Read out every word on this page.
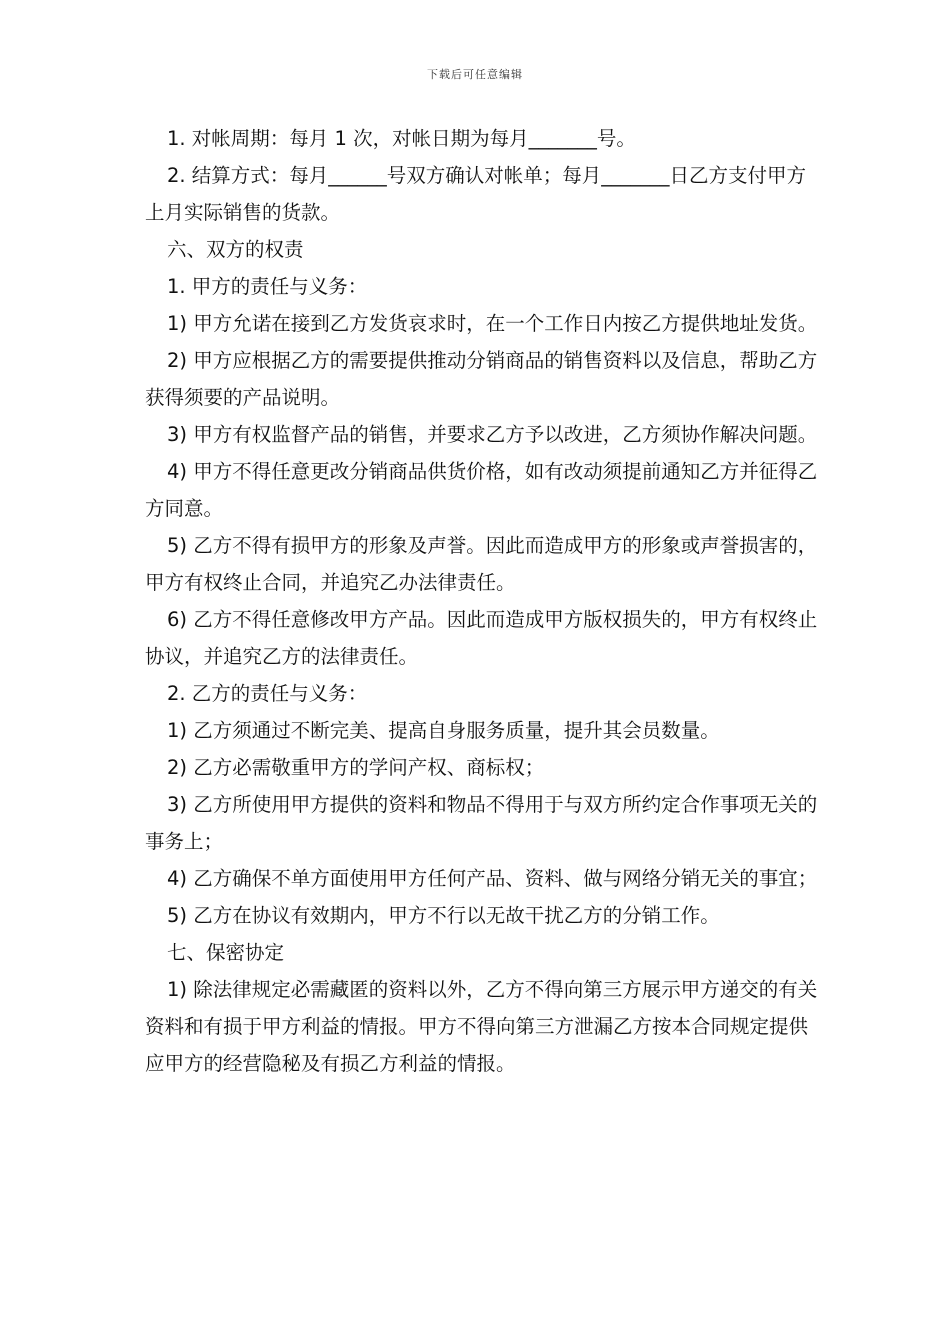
下载后可任意编辑

1. 对帐周期：每月 1 次，对帐日期为每月_______号。

2. 结算方式：每月______号双方确认对帐单；每月_______日乙方支付甲方上月实际销售的货款。

六、双方的权责

1. 甲方的责任与义务：

1) 甲方允诺在接到乙方发货哀求时，在一个工作日内按乙方提供地址发货。

2) 甲方应根据乙方的需要提供推动分销商品的销售资料以及信息，帮助乙方获得须要的产品说明。

3) 甲方有权监督产品的销售，并要求乙方予以改进，乙方须协作解决问题。

4) 甲方不得任意更改分销商品供货价格，如有改动须提前通知乙方并征得乙方同意。

5) 乙方不得有损甲方的形象及声誉。因此而造成甲方的形象或声誉损害的，甲方有权终止合同，并追究乙办法律责任。

6) 乙方不得任意修改甲方产品。因此而造成甲方版权损失的，甲方有权终止协议，并追究乙方的法律责任。

2. 乙方的责任与义务：

1) 乙方须通过不断完美、提高自身服务质量，提升其会员数量。

2) 乙方必需敬重甲方的学问产权、商标权；

3) 乙方所使用甲方提供的资料和物品不得用于与双方所约定合作事项无关的事务上；

4) 乙方确保不单方面使用甲方任何产品、资料、做与网络分销无关的事宜；

5) 乙方在协议有效期内，甲方不行以无故干扰乙方的分销工作。

七、保密协定

1) 除法律规定必需藏匿的资料以外，乙方不得向第三方展示甲方递交的有关资料和有损于甲方利益的情报。甲方不得向第三方泄漏乙方按本合同规定提供应甲方的经营隐秘及有损乙方利益的情报。
